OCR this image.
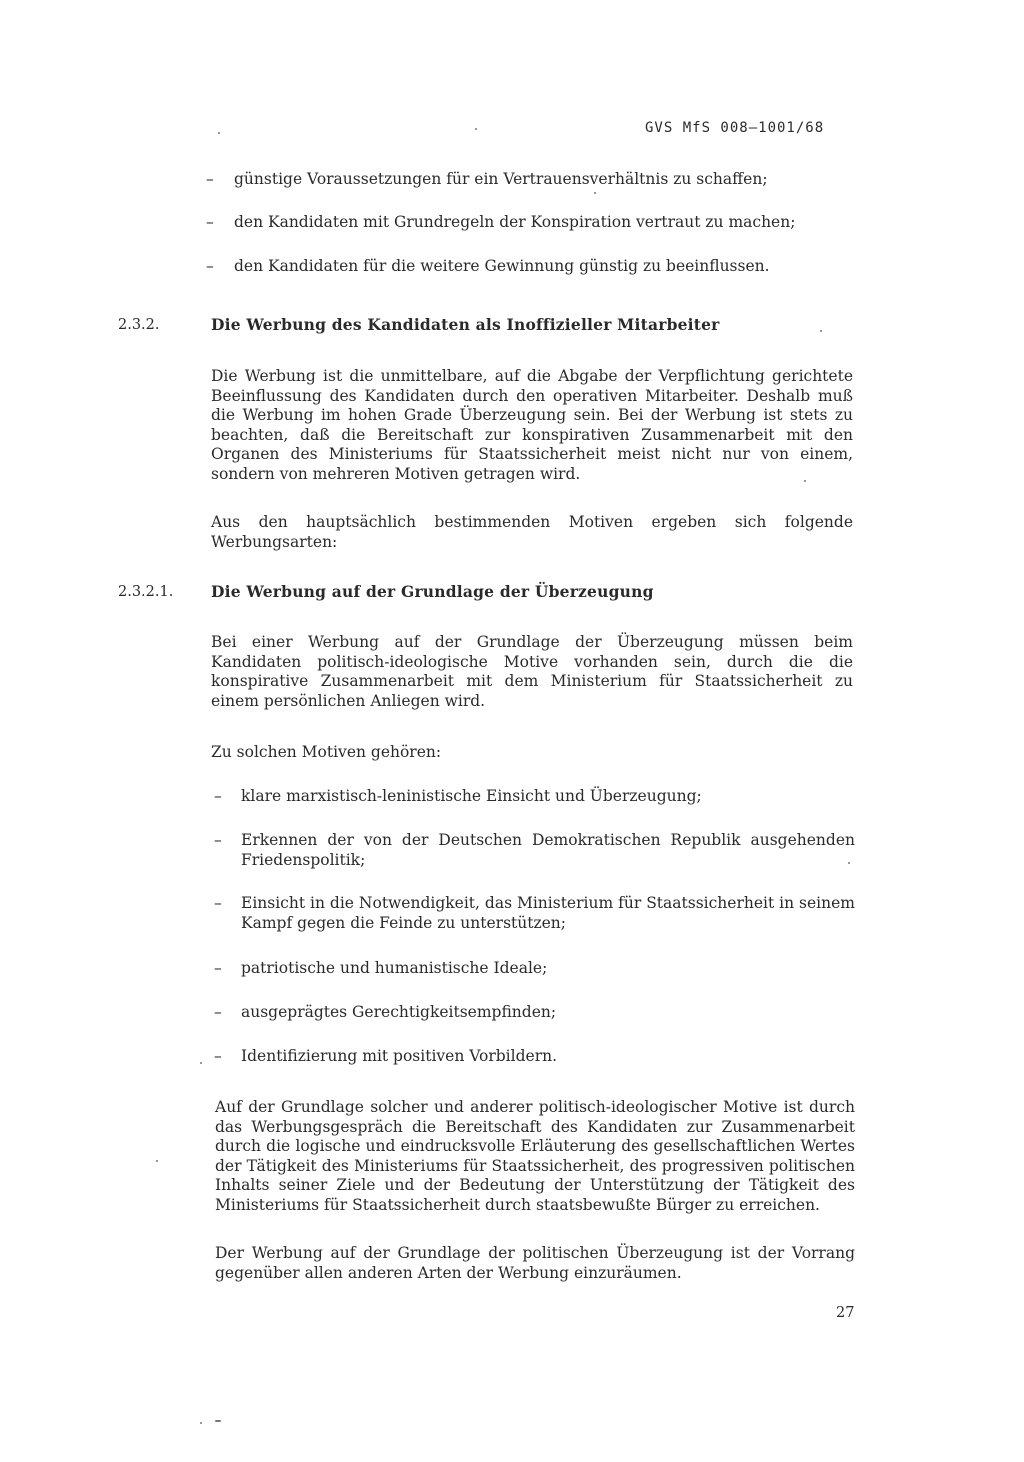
GVS MfS 008–1001/68
– günstige Voraussetzungen für ein Vertrauensverhältnis zu schaffen;
– den Kandidaten mit Grundregeln der Konspiration vertraut zu machen;
– den Kandidaten für die weitere Gewinnung günstig zu beeinflussen.
2.3.2.	Die Werbung des Kandidaten als Inoffizieller Mitarbeiter
Die Werbung ist die unmittelbare, auf die Abgabe der Verpflichtung gerichtete Beeinflussung des Kandidaten durch den operativen Mitarbeiter. Deshalb muß die Werbung im hohen Grade Überzeugung sein. Bei der Werbung ist stets zu beachten, daß die Bereitschaft zur konspirativen Zusammenarbeit mit den Organen des Ministeriums für Staatssicherheit meist nicht nur von einem, sondern von mehreren Motiven getragen wird.
Aus den hauptsächlich bestimmenden Motiven ergeben sich folgende Werbungsarten:
2.3.2.1. Die Werbung auf der Grundlage der Überzeugung
Bei einer Werbung auf der Grundlage der Überzeugung müssen beim Kandidaten politisch-ideologische Motive vorhanden sein, durch die die konspirative Zusammenarbeit mit dem Ministerium für Staatssicherheit zu einem persönlichen Anliegen wird.
Zu solchen Motiven gehören:
– klare marxistisch-leninistische Einsicht und Überzeugung;
– Erkennen der von der Deutschen Demokratischen Republik ausgehenden Friedenspolitik;
– Einsicht in die Notwendigkeit, das Ministerium für Staatssicherheit in seinem Kampf gegen die Feinde zu unterstützen;
– patriotische und humanistische Ideale;
– ausgeprägtes Gerechtigkeitsempfinden;
– Identifizierung mit positiven Vorbildern.
Auf der Grundlage solcher und anderer politisch-ideologischer Motive ist durch das Werbungsgespräch die Bereitschaft des Kandidaten zur Zusammenarbeit durch die logische und eindrucksvolle Erläuterung des gesellschaftlichen Wertes der Tätigkeit des Ministeriums für Staatssicherheit, des progressiven politischen Inhalts seiner Ziele und der Bedeutung der Unterstützung der Tätigkeit des Ministeriums für Staatssicherheit durch staatsbewußte Bürger zu erreichen.
Der Werbung auf der Grundlage der politischen Überzeugung ist der Vorrang gegenüber allen anderen Arten der Werbung einzuräumen.
27
